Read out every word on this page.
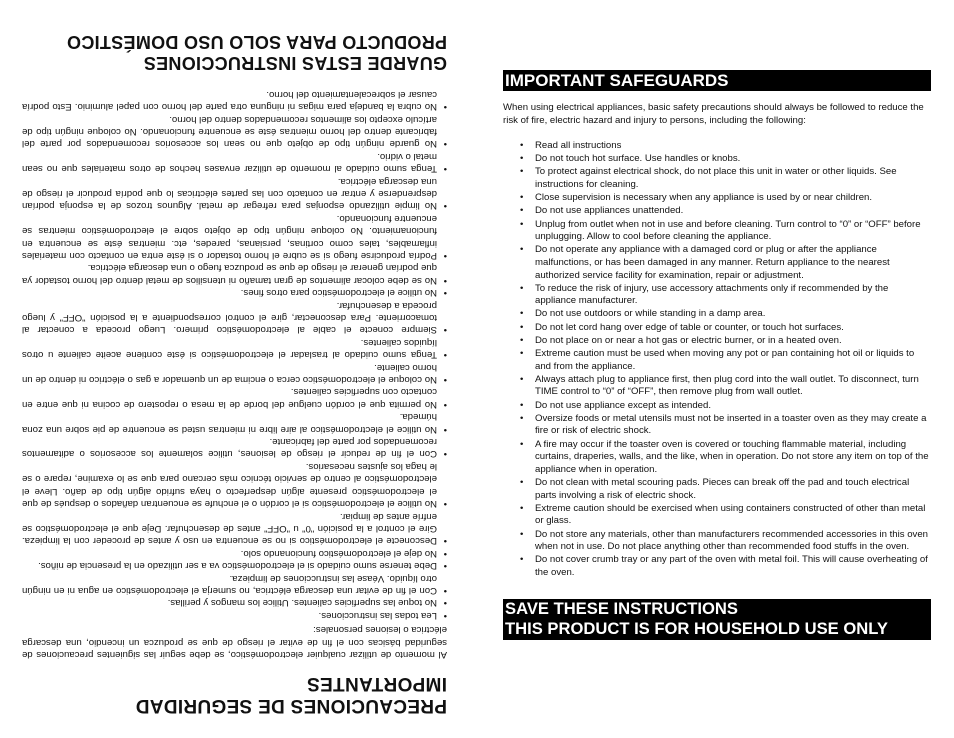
PRECAUCIONES DE SEGURIDAD IMPORTANTES

Al momento de utilizar cualquier electrodoméstico, se debe seguir las siguientes precauciones de seguridad básicas con el fin de evitar el riesgo de que se produzca un incendio, una descarga eléctrica o lesiones personales:

•
Lea todas las instrucciones.
•
No toque las superficies calientes. Utilice los mangos y perillas.
•
Con el fin de evitar una descarga eléctrica, no sumerja el electrodoméstico en agua ni en ningún otro líquido. Véase las instrucciones de limpieza.
•
Debe tenerse sumo cuidado si el electrodoméstico va a ser utilizado en la presencia de niños.
•
No deje el electrodoméstico funcionando solo.
•
Desconecte el electrodoméstico si no se encuentra en uso y antes de proceder con la limpieza. Gire el control a la posición "0" u "OFF" antes de desenchufar. Deje que el electrodoméstico se enfríe antes de limpiar.
•
No utilice el electrodoméstico si el cordón o el enchufe se encuentran dañados o después de que el electrodoméstico presente algún desperfecto o haya sufrido algún tipo de daño. Lleve el electrodoméstico al centro de servicio técnico más cercano para que se lo examine, repare o se le haga los ajustes necesarios.
•
Con el fin de reducir el riesgo de lesiones, utilice solamente los accesorios o aditamentos recomendados por parte del fabricante.
•
No utilice el electrodoméstico al aire libre ni mientras usted se encuentre de pie sobre una zona húmeda.
•
No permita que el cordón cuelgue del borde de la mesa o repostero de cocina ni que entre en contacto con superficies calientes.
•
No coloque el electrodoméstico cerca o encima de un quemador a gas o eléctrico ni dentro de un horno caliente.
•
Tenga sumo cuidado al trasladar el electrodoméstico si éste contiene aceite caliente u otros líquidos calientes.
•
Siempre conecte el cable al electrodoméstico primero. Luego proceda a conectar al tomacorriente. Para desconectar, gire el control correspondiente a la posición "OFF" y luego proceda a desenchufar.
•
No utilice el electrodoméstico para otros fines.
•
No se debe colocar alimentos de gran tamaño ni utensilios de metal dentro del horno tostador ya que podrían generar el riesgo de que se produzca fuego o una descarga eléctrica.
•
Podría producirse fuego si se cubre el horno tostador o si éste entra en contacto con materiales inflamables, tales como cortinas, persianas, paredes, etc. mientras éste se encuentra en funcionamiento. No coloque ningún tipo de objeto sobre el electrodoméstico mientras se encuentre funcionando.
•
No limpie utilizando esponjas para refregar de metal. Algunos trozos de la esponja podrían desprenderse y entrar en contacto con las partes eléctricas lo que podría producir el riesgo de una descarga eléctrica.
•
Tenga sumo cuidado al momento de utilizar envases hechos de otros materiales que no sean metal o vidrio.
•
No guarde ningún tipo de objeto que no sean los accesorios recomendados por parte del fabricante dentro del horno mientras éste se encuentre funcionando. No coloque ningún tipo de artículo excepto los alimentos recomendados dentro del horno.
•
No cubra la bandeja para migas ni ninguna otra parte del horno con papel aluminio. Esto podría causar el sobrecalentamiento del horno.
GUARDE ESTAS INSTRUCCIONES
PRODUCTO PARA SOLO USO DOMÉSTICO
IMPORTANT SAFEGUARDS
When using electrical appliances, basic safety precautions should always be followed to reduce the risk of fire, electric hazard and injury to persons, including the following:
• Read all instructions
• Do not touch hot surface. Use handles or knobs.
• To protect against electrical shock, do not place this unit in water or other liquids. See instructions for cleaning.
• Close supervision is necessary when any appliance is used by or near children.
• Do not use appliances unattended.
• Unplug from outlet when not in use and before cleaning. Turn control to “0” or “OFF” before unplugging. Allow to cool before cleaning the appliance.
• Do not operate any appliance with a damaged cord or plug or after the appliance malfunctions, or has been damaged in any manner. Return appliance to the nearest authorized service facility for examination, repair or adjustment.
• To reduce the risk of injury, use accessory attachments only if recommended by the appliance manufacturer.
• Do not use outdoors or while standing in a damp area.
• Do not let cord hang over edge of table or counter, or touch hot surfaces.
• Do not place on or near a hot gas or electric burner, or in a heated oven.
• Extreme caution must be used when moving any pot or pan containing hot oil or liquids to and from the appliance.
• Always attach plug to appliance first, then plug cord into the wall outlet. To disconnect, turn TIME control to “0” of “OFF”, then remove plug from wall outlet.
• Do not use appliance except as intended.
• Oversize foods or metal utensils must not be inserted in a toaster oven as they may create a fire or risk of electric shock.
• A fire may occur if the toaster oven is covered or touching flammable material, including curtains, draperies, walls, and the like, when in operation. Do not store any item on top of the appliance when in operation.
• Do not clean with metal scouring pads. Pieces can break off the pad and touch electrical parts involving a risk of electric shock.
• Extreme caution should be exercised when using containers constructed of other than metal or glass.
• Do not store any materials, other than manufacturers recommended accessories in this oven when not in use. Do not place anything other than recommended food stuffs in the oven.
• Do not cover crumb tray or any part of the oven with metal foil. This will cause overheating of the oven.
SAVE THESE INSTRUCTIONS
THIS PRODUCT IS FOR HOUSEHOLD USE ONLY
